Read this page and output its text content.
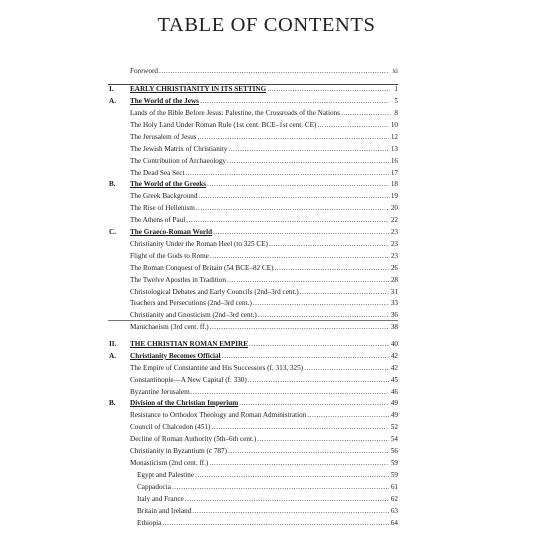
TABLE OF CONTENTS
Foreword .....	xi
I. EARLY CHRISTIANITY IN ITS SETTING .....	1
A. The World of the Jews .....	5
Lands of the Bible Before Jesus: Palestine, the Crossroads of the Nations .....	8
The Holy Land Under Roman Rule (1st cent. BCE–1st cent. CE) .....	10
The Jerusalem of Jesus .....	12
The Jewish Matrix of Christianity .....	13
The Contribution of Archaeology .....	16
The Dead Sea Sect .....	17
B. The World of the Greeks .....	18
The Greek Background .....	19
The Rise of Hellenism .....	20
The Athens of Paul .....	22
C. The Graeco-Roman World .....	23
Christianity Under the Roman Heel (to 325 CE) .....	23
Flight of the Gods to Rome .....	23
The Roman Conquest of Britain (54 BCE–82 CE) .....	26
The Twelve Apostles in Tradition .....	28
Christological Debates and Early Councils (2nd–3rd cent.) .....	31
Teachers and Persecutions (2nd–3rd cent.) .....	33
Christianity and Gnosticism (2nd–3rd cent.) .....	36
Manichaeism (3rd cent. ff.) .....	38
II. THE CHRISTIAN ROMAN EMPIRE .....	40
A. Christianity Becomes Official .....	42
The Empire of Constantine and His Successors (f. 313, 325) .....	42
Constantinople—A New Capital (f. 330) .....	45
Byzantine Jerusalem .....	46
B. Division of the Christian Imperium .....	49
Resistance to Orthodox Theology and Roman Administration .....	49
Council of Chalcedon (451) .....	52
Decline of Roman Authority (5th–6th cent.) .....	54
Christianity in Byzantium (c 787) .....	56
Monasticism (2nd cent. ff.) .....	59
Egypt and Palestine .....	59
Cappadocia .....	61
Italy and France .....	62
Britain and Ireland .....	63
Ethiopia .....	64
